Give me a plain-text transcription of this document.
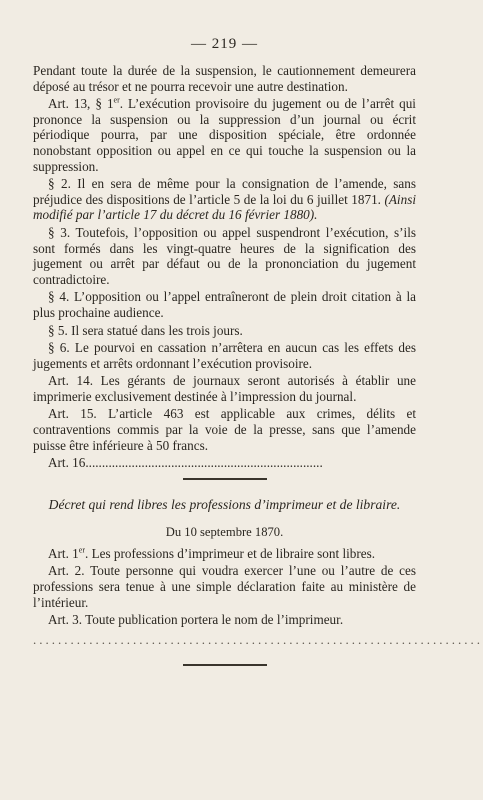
— 219 —

Pendant toute la durée de la suspension, le cautionnement demeurera déposé au trésor et ne pourra recevoir une autre destination.

Art. 13, § 1er. L’exécution provisoire du jugement ou de l’arrêt qui prononce la suspension ou la suppression d’un journal ou écrit périodique pourra, par une disposition spéciale, être ordonnée nonobstant opposition ou appel en ce qui touche la suspension ou la suppression.

§ 2. Il en sera de même pour la consignation de l’amende, sans préjudice des dispositions de l’article 5 de la loi du 6 juillet 1871. (Ainsi modifié par l’article 17 du décret du 16 février 1880).

§ 3. Toutefois, l’opposition ou appel suspendront l’exécution, s’ils sont formés dans les vingt-quatre heures de la signification des jugement ou arrêt par défaut ou de la prononciation du jugement contradictoire.

§ 4. L’opposition ou l’appel entraîneront de plein droit citation à la plus prochaine audience.

§ 5. Il sera statué dans les trois jours.

§ 6. Le pourvoi en cassation n’arrêtera en aucun cas les effets des jugements et arrêts ordonnant l’exécution provisoire.

Art. 14. Les gérants de journaux seront autorisés à établir une imprimerie exclusivement destinée à l’impression du journal.

Art. 15. L’article 463 est applicable aux crimes, délits et contraventions commis par la voie de la presse, sans que l’amende puisse être inférieure à 50 francs.

Art. 16........................................................................

Décret qui rend libres les professions d’imprimeur et de libraire.
Du 10 septembre 1870.

Art. 1er. Les professions d’imprimeur et de libraire sont libres.

Art. 2. Toute personne qui voudra exercer l’une ou l’autre de ces professions sera tenue à une simple déclaration faite au ministère de l’intérieur.

Art. 3. Toute publication portera le nom de l’imprimeur.

........................................................................
